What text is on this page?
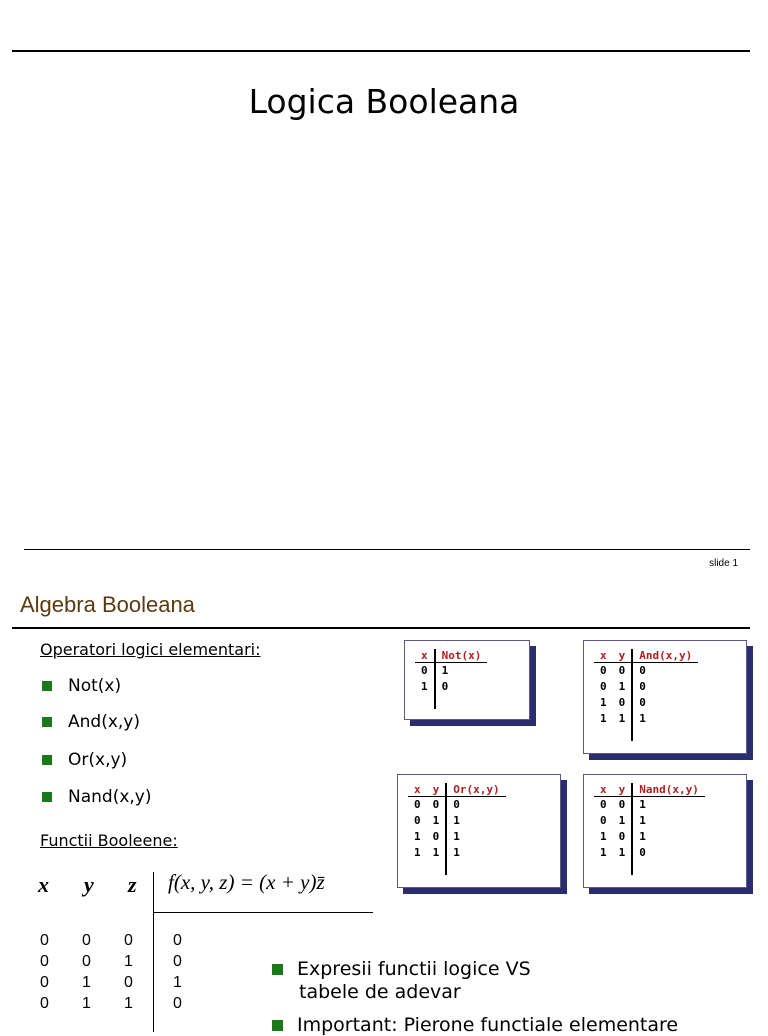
Logica Booleana
slide 1
Algebra Booleana
Operatori logici elementari:
Not(x)
And(x,y)
Or(x,y)
Nand(x,y)
Functii Booleene:
x	Not(x)
0	1
1	0

x	y	And(x,y)
0	0	0
0	1	0
1	0	0
1	1	1

x	y	Or(x,y)
0	0	0
0	1	1
1	0	1
1	1	1

x	y	Nand(x,y)
0	0	1
0	1	1
1	0	1
1	1	0

x y z f(x, y, z) = (x + y)z̄
0 0 0	0
0 0 1	0
0 1 0	1
0 1 1	0
Expresii functii logice VS
tabele de adevar
Important: Pierone functiale elementare
